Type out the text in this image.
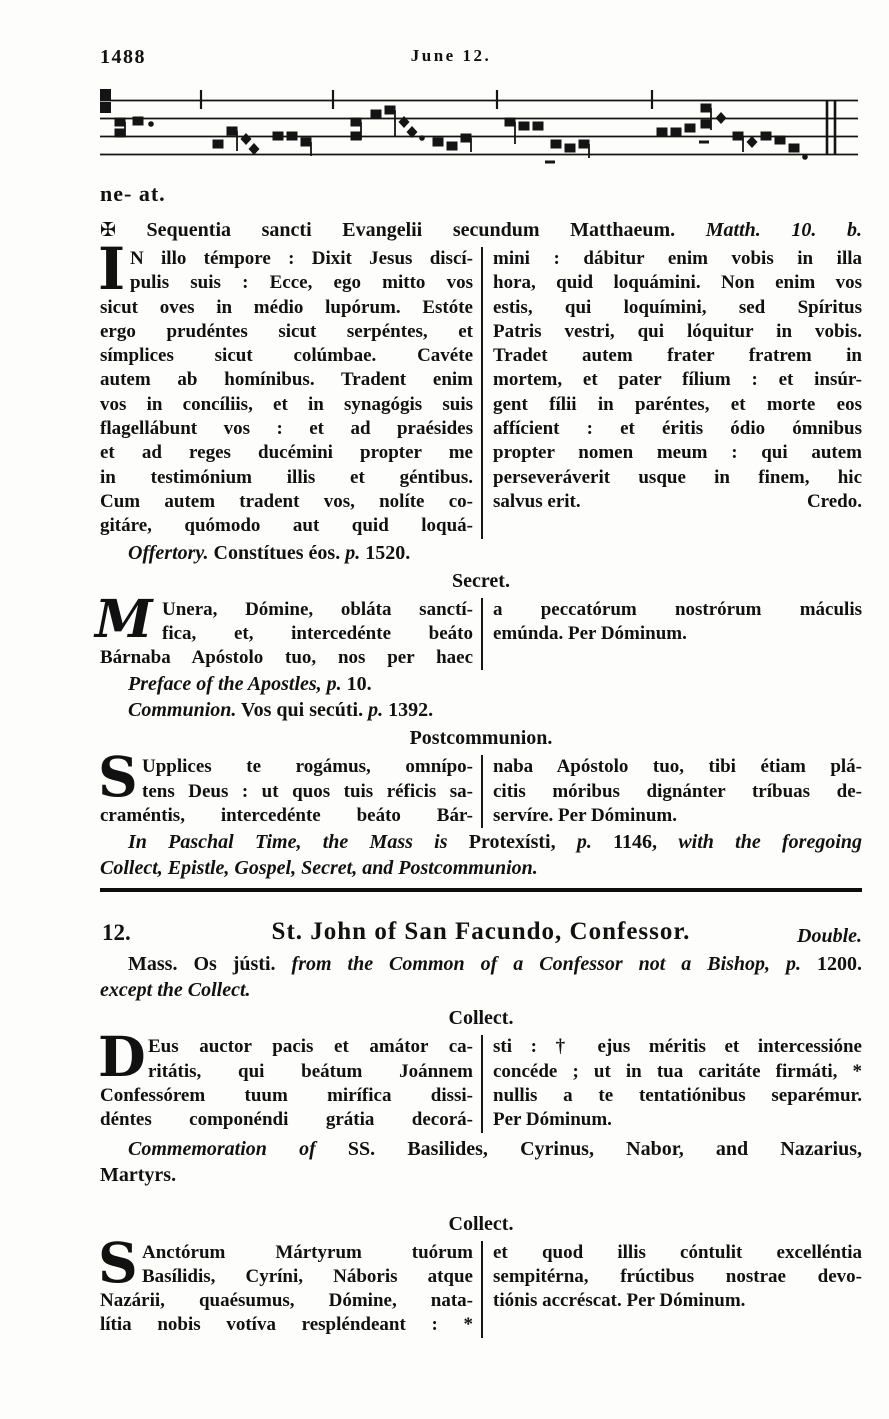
1488	June 12.
ne- at.
✠ Sequentia sancti Evangelii secundum Matthaeum. Matth. 10. b.
I N illo témpore : Dixit Jesus discí-
pulis suis : Ecce, ego mitto vos
sicut oves in médio lupórum. Estóte
ergo prudéntes sicut serpéntes, et
símplices sicut colúmbae. Cavéte
autem ab homínibus. Tradent enim
vos in concíliis, et in synagógis suis
flagellábunt vos : et ad praésides
et ad reges ducémini propter me
in testimónium illis et géntibus.
Cum autem tradent vos, nolíte co-
gitáre, quómodo aut quid loquá-
mini : dábitur enim vobis in illa
hora, quid loquámini. Non enim vos
estis, qui loquímini, sed Spíritus
Patris vestri, qui lóquitur in vobis.
Tradet autem frater fratrem in
mortem, et pater fílium : et insúr-
gent fílii in paréntes, et morte eos
affícient : et éritis ódio ómnibus
propter nomen meum : qui autem
perseveráverit usque in finem, hic
salvus erit.	Credo.
Offertory. Constítues éos. p. 1520.
Secret.
M Unera, Dómine, obláta sanctí-
fica, et, intercedénte beáto
Bárnaba Apóstolo tuo, nos per haec
a peccatórum nostrórum máculis
emúnda. Per Dóminum.
Preface of the Apostles, p. 10.
Communion. Vos qui secúti. p. 1392.
Postcommunion.
S Upplices te rogámus, omnípo-
tens Deus : ut quos tuis réficis sa-
craméntis, intercedénte beáto Bár-
naba Apóstolo tuo, tibi étiam plá-
citis móribus dignánter tríbuas de-
servíre. Per Dóminum.
In Paschal Time, the Mass is Protexísti, p. 1146, with the foregoing
Collect, Epistle, Gospel, Secret, and Postcommunion.
12.	St. John of San Facundo, Confessor.	Double.
Mass. Os jústi. from the Common of a Confessor not a Bishop, p. 1200.
except the Collect.
Collect.
D Eus auctor pacis et amátor ca-
ritátis, qui beátum Joánnem
Confessórem tuum mirífica dissi-
déntes componéndi grátia decorá-
sti : † ejus méritis et intercessióne
concéde ; ut in tua caritáte firmáti, *
nullis a te tentatiónibus separémur.
Per Dóminum.
Commemoration of SS. Basilides, Cyrinus, Nabor, and Nazarius,
Martyrs.
Collect.
S Anctórum Mártyrum tuórum
Basílidis, Cyríni, Náboris atque
Nazárii, quaésumus, Dómine, nata-
lítia nobis votíva respléndeant : *
et quod illis cóntulit excelléntia
sempitérna, frúctibus nostrae devo-
tiónis accréscat. Per Dóminum.
